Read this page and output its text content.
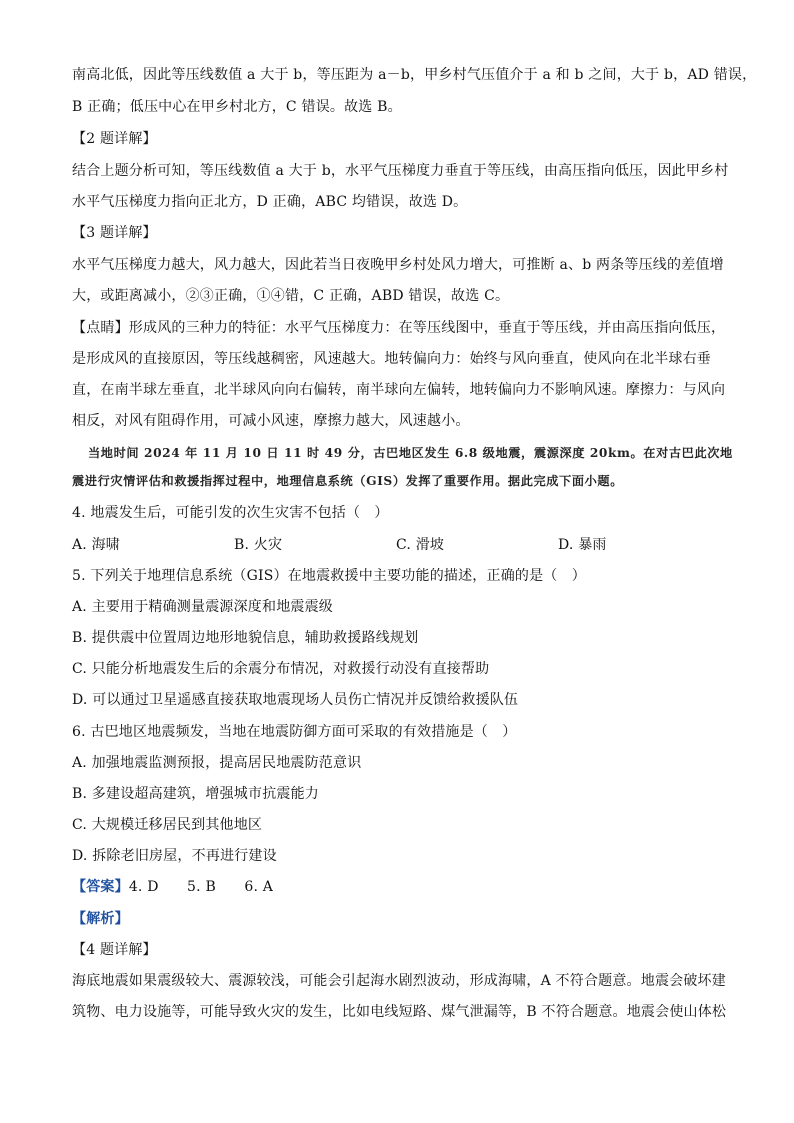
南高北低，因此等压线数值 a 大于 b，等压距为 a－b，甲乡村气压值介于 a 和 b 之间，大于 b，AD 错误，
B 正确；低压中心在甲乡村北方，C 错误。故选 B。
【2 题详解】
结合上题分析可知，等压线数值 a 大于 b，水平气压梯度力垂直于等压线，由高压指向低压，因此甲乡村
水平气压梯度力指向正北方，D 正确，ABC 均错误，故选 D。
【3 题详解】
水平气压梯度力越大，风力越大，因此若当日夜晚甲乡村处风力增大，可推断 a、b 两条等压线的差值增
大，或距离减小，②③正确，①④错，C 正确，ABD 错误，故选 C。
【点睛】形成风的三种力的特征：水平气压梯度力：在等压线图中，垂直于等压线，并由高压指向低压，
是形成风的直接原因，等压线越稠密，风速越大。地转偏向力：始终与风向垂直，使风向在北半球右垂
直，在南半球左垂直，北半球风向向右偏转，南半球向左偏转，地转偏向力不影响风速。摩擦力：与风向
相反，对风有阻碍作用，可减小风速，摩擦力越大，风速越小。
当地时间 2024 年 11 月 10 日 11 时 49 分，古巴地区发生 6.8 级地震，震源深度 20km。在对古巴此次地
震进行灾情评估和救援指挥过程中，地理信息系统（GIS）发挥了重要作用。据此完成下面小题。
4. 地震发生后，可能引发的次生灾害不包括（　）
A. 海啸	B. 火灾	C. 滑坡	D. 暴雨
5. 下列关于地理信息系统（GIS）在地震救援中主要功能的描述，正确的是（　）
A. 主要用于精确测量震源深度和地震震级
B. 提供震中位置周边地形地貌信息，辅助救援路线规划
C. 只能分析地震发生后的余震分布情况，对救援行动没有直接帮助
D. 可以通过卫星遥感直接获取地震现场人员伤亡情况并反馈给救援队伍
6. 古巴地区地震频发，当地在地震防御方面可采取的有效措施是（　）
A. 加强地震监测预报，提高居民地震防范意识
B. 多建设超高建筑，增强城市抗震能力
C. 大规模迁移居民到其他地区
D. 拆除老旧房屋，不再进行建设
【答案】4. D　　5. B　　6. A
【解析】
【4 题详解】
海底地震如果震级较大、震源较浅，可能会引起海水剧烈波动，形成海啸，A 不符合题意。地震会破坏建
筑物、电力设施等，可能导致火灾的发生，比如电线短路、煤气泄漏等，B 不符合题意。地震会使山体松
